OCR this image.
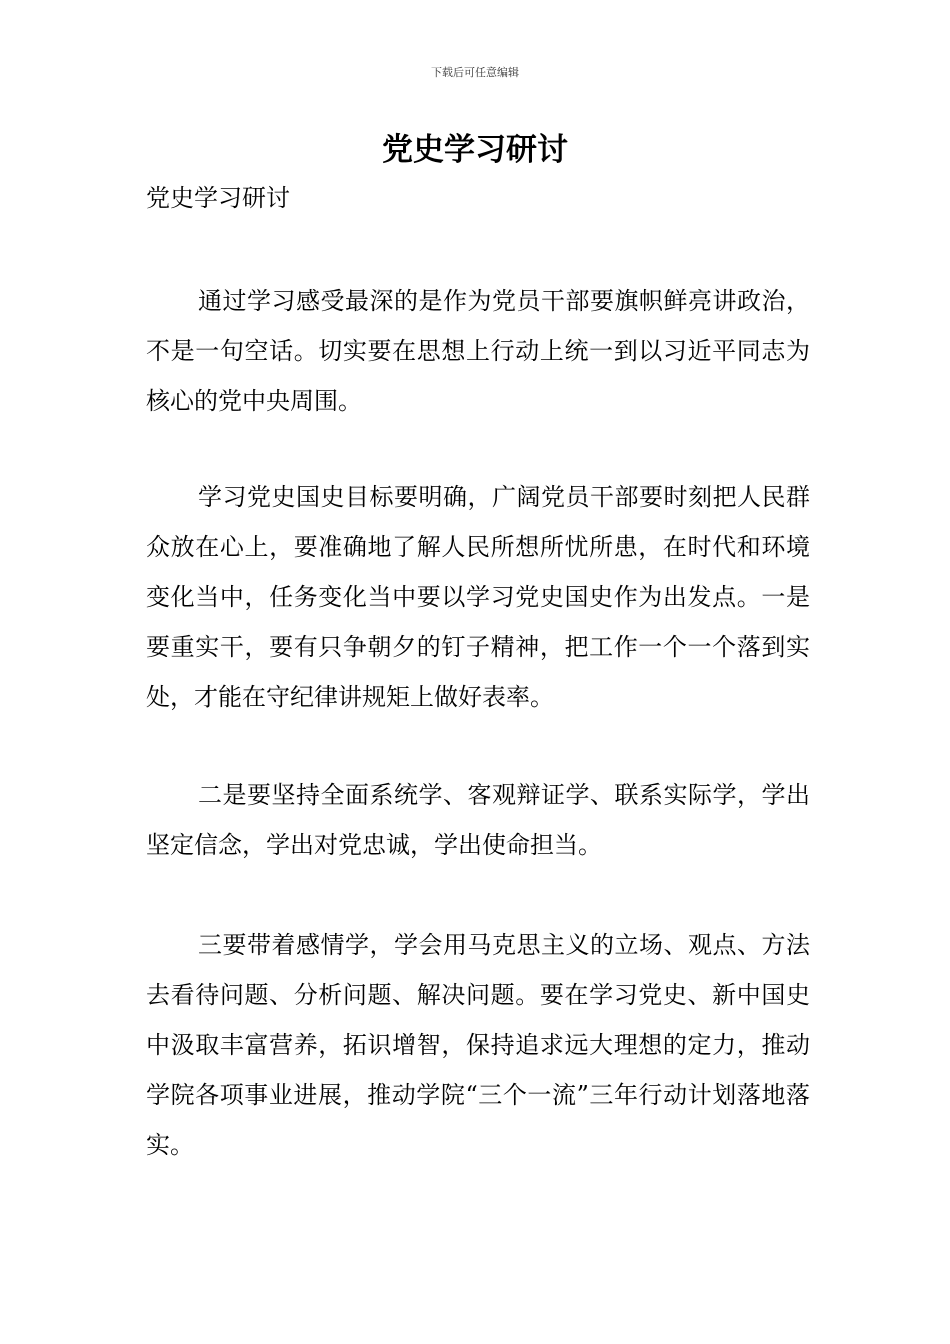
下载后可任意编辑
党史学习研讨

党史学习研讨

通过学习感受最深的是作为党员干部要旗帜鲜亮讲政治，不是一句空话。切实要在思想上行动上统一到以习近平同志为核心的党中央周围。

学习党史国史目标要明确，广阔党员干部要时刻把人民群众放在心上，要准确地了解人民所想所忧所患，在时代和环境变化当中，任务变化当中要以学习党史国史作为出发点。一是要重实干，要有只争朝夕的钉子精神，把工作一个一个落到实处，才能在守纪律讲规矩上做好表率。

二是要坚持全面系统学、客观辩证学、联系实际学，学出坚定信念，学出对党忠诚，学出使命担当。

三要带着感情学，学会用马克思主义的立场、观点、方法去看待问题、分析问题、解决问题。要在学习党史、新中国史中汲取丰富营养，拓识增智，保持追求远大理想的定力，推动学院各项事业进展，推动学院“三个一流”三年行动计划落地落实。
